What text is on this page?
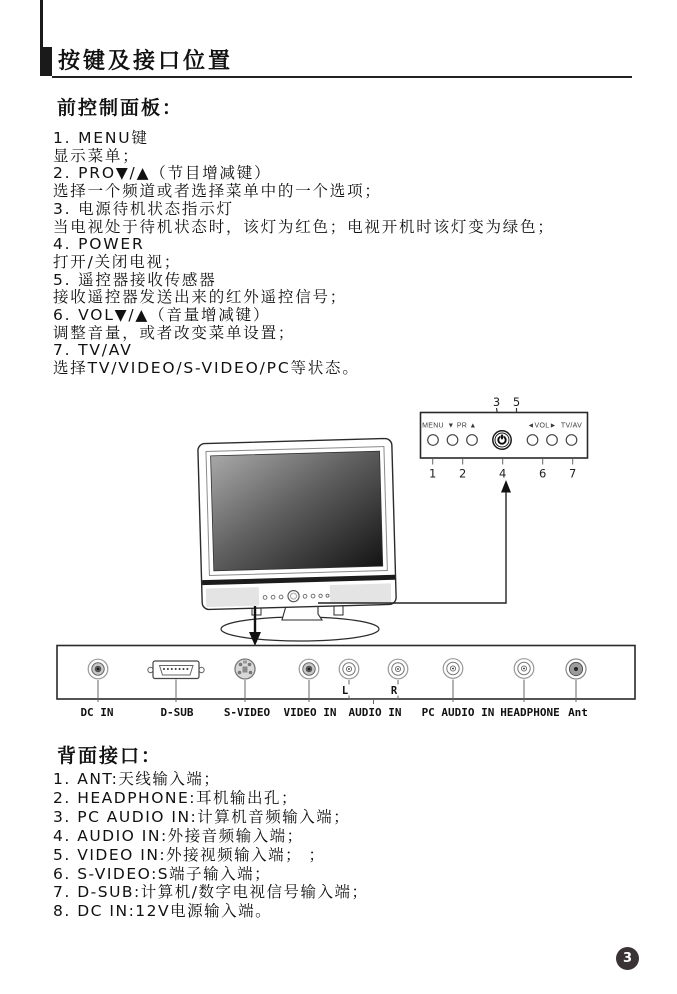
按键及接口位置
前控制面板：
1. MENU键
显示菜单；
2. PRO▼/▲（节目增减键）
选择一个频道或者选择菜单中的一个选项；
3. 电源待机状态指示灯
当电视处于待机状态时，该灯为红色；电视开机时该灯变为绿色；
4. POWER
打开/关闭电视；
5. 遥控器接收传感器
接收遥控器发送出来的红外遥控信号；
6. VOL▼/▲（音量增减键）
调整音量，或者改变菜单设置；
7. TV/AV
选择TV/VIDEO/S-VIDEO/PC等状态。
3 5
MENU ▼ PR ▲	◄VOL► TV/AV
1 2	4	6 7
L	R
DC IN	D-SUB	S-VIDEO VIDEO IN AUDIO IN PC AUDIO IN HEADPHONE Ant
背面接口：
1. ANT:天线输入端；
2. HEADPHONE:耳机输出孔；
3. PC AUDIO IN:计算机音频输入端；
4. AUDIO IN:外接音频输入端；
5. VIDEO IN:外接视频输入端； ；
6. S-VIDEO:S端子输入端；
7. D-SUB:计算机/数字电视信号输入端；
8. DC IN:12V电源输入端。
3
